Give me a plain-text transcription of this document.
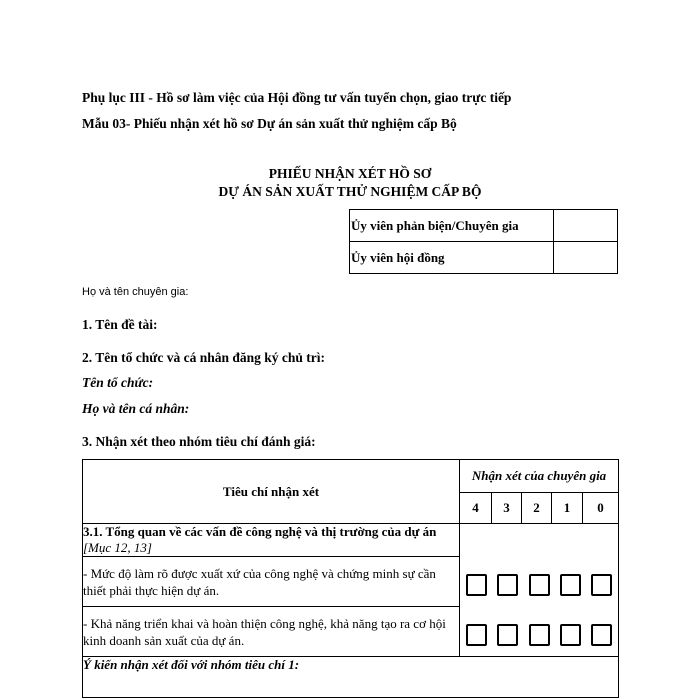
Phụ lục III - Hồ sơ làm việc của Hội đồng tư vấn tuyển chọn, giao trực tiếp
Mẫu 03- Phiếu nhận xét hồ sơ Dự án sản xuất thử nghiệm cấp Bộ
PHIẾU NHẬN XÉT HỒ SƠ
DỰ ÁN SẢN XUẤT THỬ NGHIỆM CẤP BỘ
Ủy viên phản biện/Chuyên gia	
Ủy viên hội đồng	
Họ và tên chuyên gia:
1. Tên đề tài:
2. Tên tổ chức và cá nhân đăng ký chủ trì:
Tên tổ chức:
Họ và tên cá nhân:
3. Nhận xét theo nhóm tiêu chí đánh giá:
Tiêu chí nhận xét	Nhận xét của chuyên gia				
	4	3	2	1	0
3.1. Tổng quan về các vấn đề công nghệ và thị trường của dự án
[Mục 12, 13]					

- Mức độ làm rõ được xuất xứ của công nghệ và chứng minh sự cần thiết phải thực hiện dự án.					
- Khả năng triển khai và hoàn thiện công nghệ, khả năng tạo ra cơ hội kinh doanh sản xuất của dự án.					
Ý kiến nhận xét đối với nhóm tiêu chí 1:					
